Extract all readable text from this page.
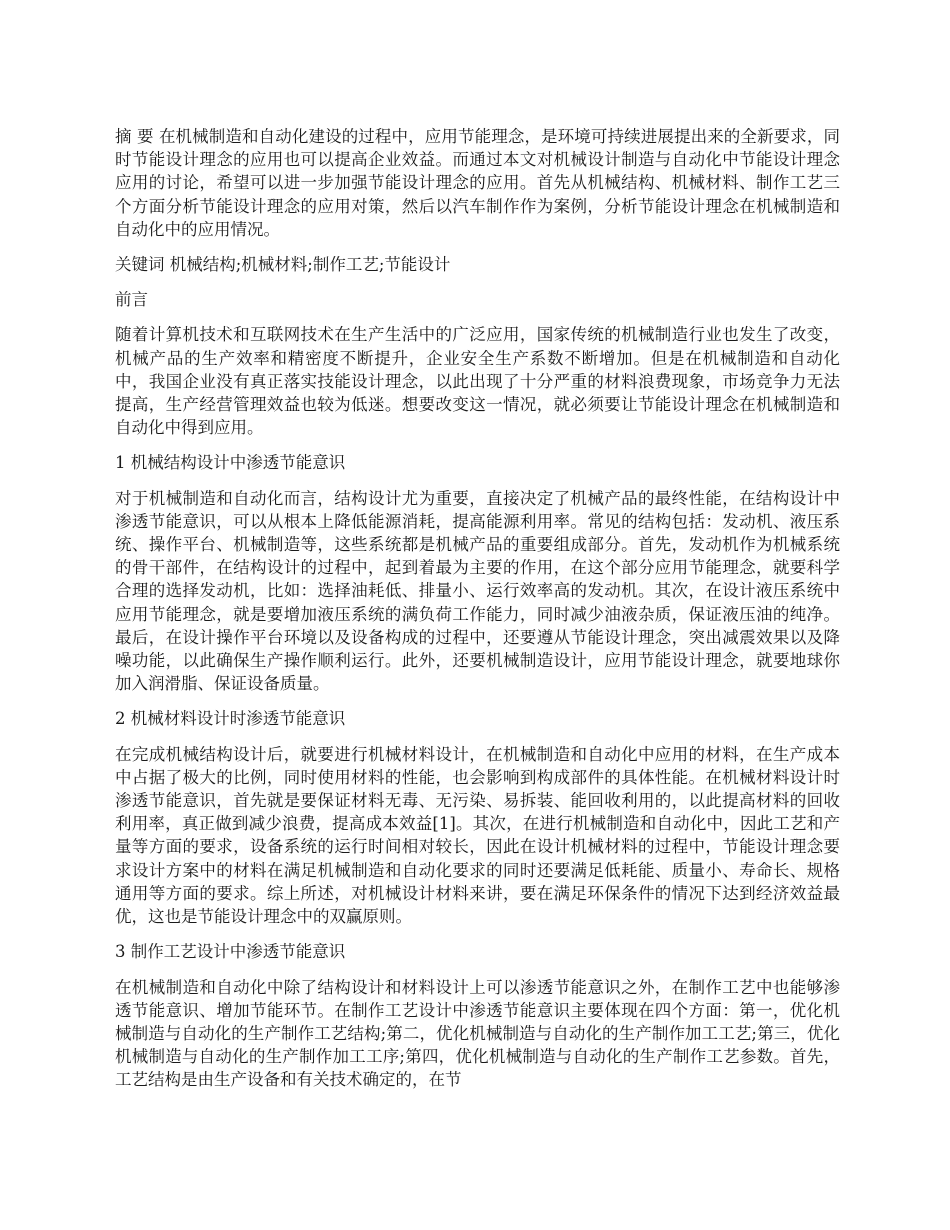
摘 要 在机械制造和自动化建设的过程中，应用节能理念，是环境可持续进展提出来的全新要求，同时节能设计理念的应用也可以提高企业效益。而通过本文对机械设计制造与自动化中节能设计理念应用的讨论，希望可以进一步加强节能设计理念的应用。首先从机械结构、机械材料、制作工艺三个方面分析节能设计理念的应用对策，然后以汽车制作作为案例，分析节能设计理念在机械制造和自动化中的应用情况。

关键词 机械结构;机械材料;制作工艺;节能设计

前言

随着计算机技术和互联网技术在生产生活中的广泛应用，国家传统的机械制造行业也发生了改变，机械产品的生产效率和精密度不断提升，企业安全生产系数不断增加。但是在机械制造和自动化中，我国企业没有真正落实技能设计理念，以此出现了十分严重的材料浪费现象，市场竞争力无法提高，生产经营管理效益也较为低迷。想要改变这一情况，就必须要让节能设计理念在机械制造和自动化中得到应用。

1 机械结构设计中渗透节能意识

对于机械制造和自动化而言，结构设计尤为重要，直接决定了机械产品的最终性能，在结构设计中渗透节能意识，可以从根本上降低能源消耗，提高能源利用率。常见的结构包括：发动机、液压系统、操作平台、机械制造等，这些系统都是机械产品的重要组成部分。首先，发动机作为机械系统的骨干部件，在结构设计的过程中，起到着最为主要的作用，在这个部分应用节能理念，就要科学合理的选择发动机，比如：选择油耗低、排量小、运行效率高的发动机。其次，在设计液压系统中应用节能理念，就是要增加液压系统的满负荷工作能力，同时减少油液杂质，保证液压油的纯净。最后，在设计操作平台环境以及设备构成的过程中，还要遵从节能设计理念，突出减震效果以及降噪功能，以此确保生产操作顺利运行。此外，还要机械制造设计，应用节能设计理念，就要地球你加入润滑脂、保证设备质量。

2 机械材料设计时渗透节能意识

在完成机械结构设计后，就要进行机械材料设计，在机械制造和自动化中应用的材料，在生产成本中占据了极大的比例，同时使用材料的性能，也会影响到构成部件的具体性能。在机械材料设计时渗透节能意识，首先就是要保证材料无毒、无污染、易拆装、能回收利用的，以此提高材料的回收利用率，真正做到减少浪费，提高成本效益[1]。其次，在进行机械制造和自动化中，因此工艺和产量等方面的要求，设备系统的运行时间相对较长，因此在设计机械材料的过程中，节能设计理念要求设计方案中的材料在满足机械制造和自动化要求的同时还要满足低耗能、质量小、寿命长、规格通用等方面的要求。综上所述，对机械设计材料来讲，要在满足环保条件的情况下达到经济效益最优，这也是节能设计理念中的双赢原则。

3 制作工艺设计中渗透节能意识

在机械制造和自动化中除了结构设计和材料设计上可以渗透节能意识之外，在制作工艺中也能够渗透节能意识、增加节能环节。在制作工艺设计中渗透节能意识主要体现在四个方面：第一，优化机械制造与自动化的生产制作工艺结构;第二，优化机械制造与自动化的生产制作加工工艺;第三，优化机械制造与自动化的生产制作加工工序;第四，优化机械制造与自动化的生产制作工艺参数。首先，工艺结构是由生产设备和有关技术确定的，在节
